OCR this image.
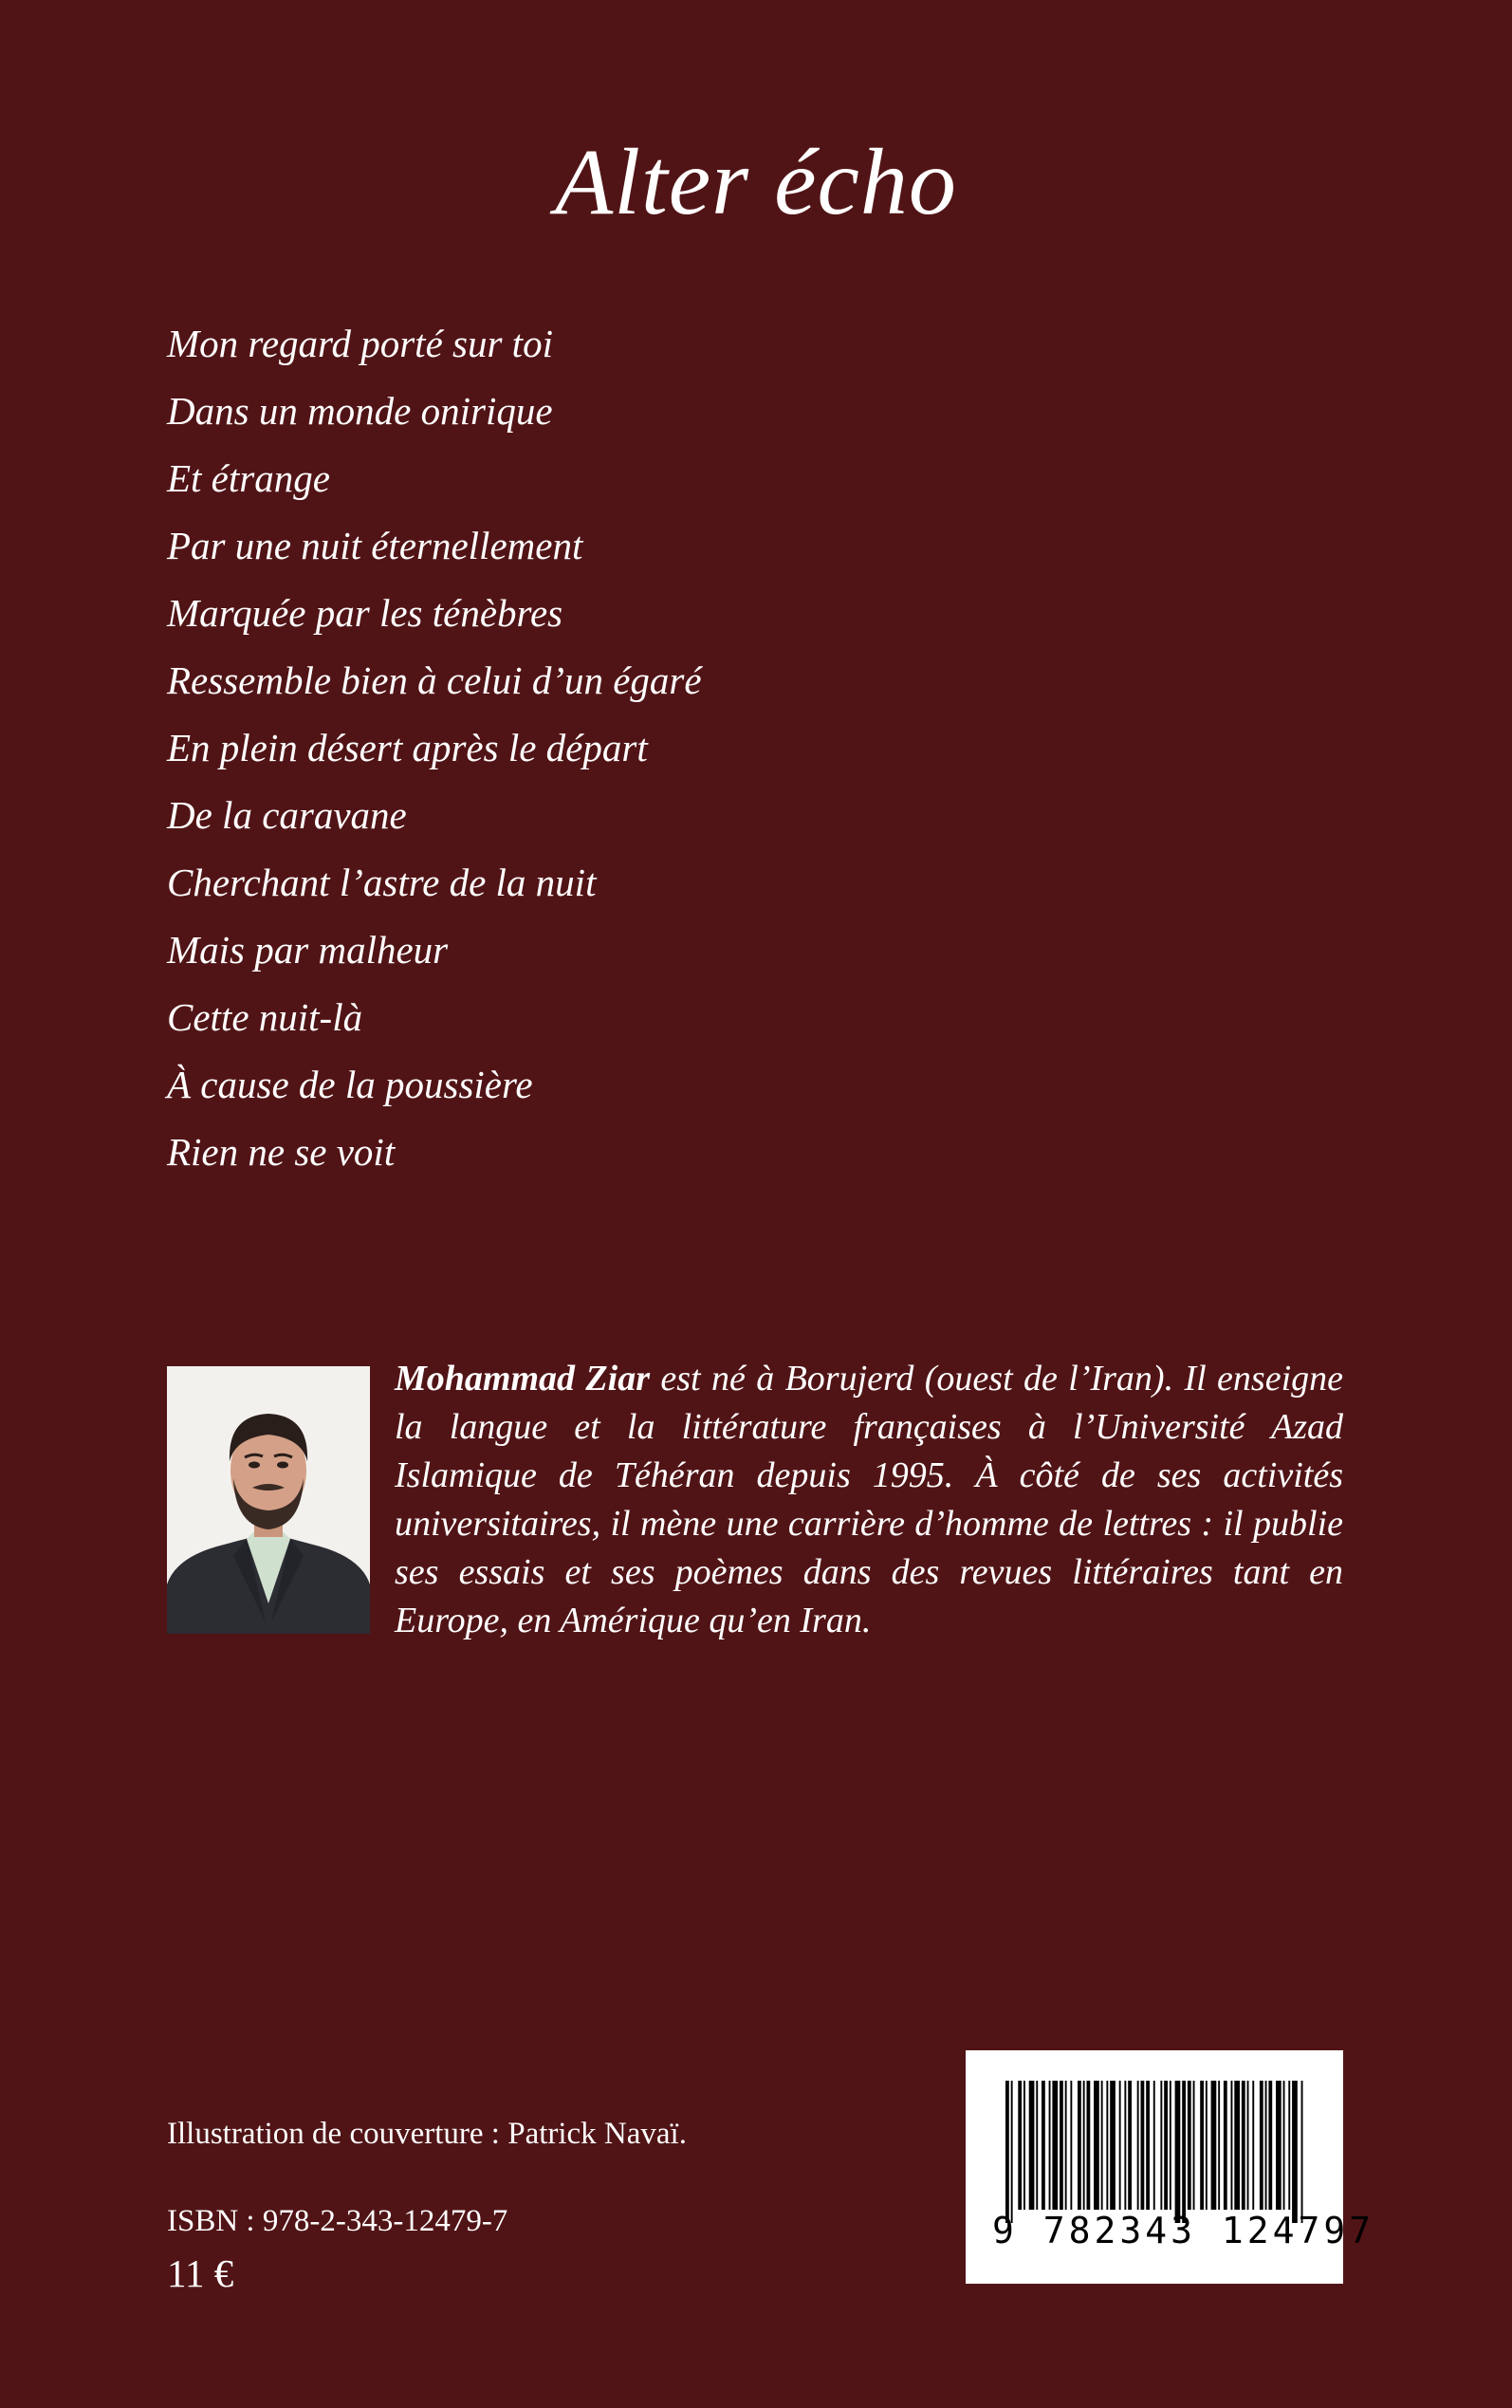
Alter écho
Mon regard porté sur toi
Dans un monde onirique
Et étrange
Par une nuit éternellement
Marquée par les ténèbres
Ressemble bien à celui d’un égaré
En plein désert après le départ
De la caravane
Cherchant l’astre de la nuit
Mais par malheur
Cette nuit-là
À cause de la poussière
Rien ne se voit
Mohammad Ziar est né à Borujerd (ouest de l’Iran). Il enseigne la langue et la littérature françaises à l’Université Azad Islamique de Téhéran depuis 1995. À côté de ses activités universitaires, il mène une carrière d’homme de lettres : il publie ses essais et ses poèmes dans des revues littéraires tant en Europe, en Amérique qu’en Iran.
Illustration de couverture : Patrick Navaï.
ISBN : 978-2-343-12479-7
11 €
9 782343 124797
